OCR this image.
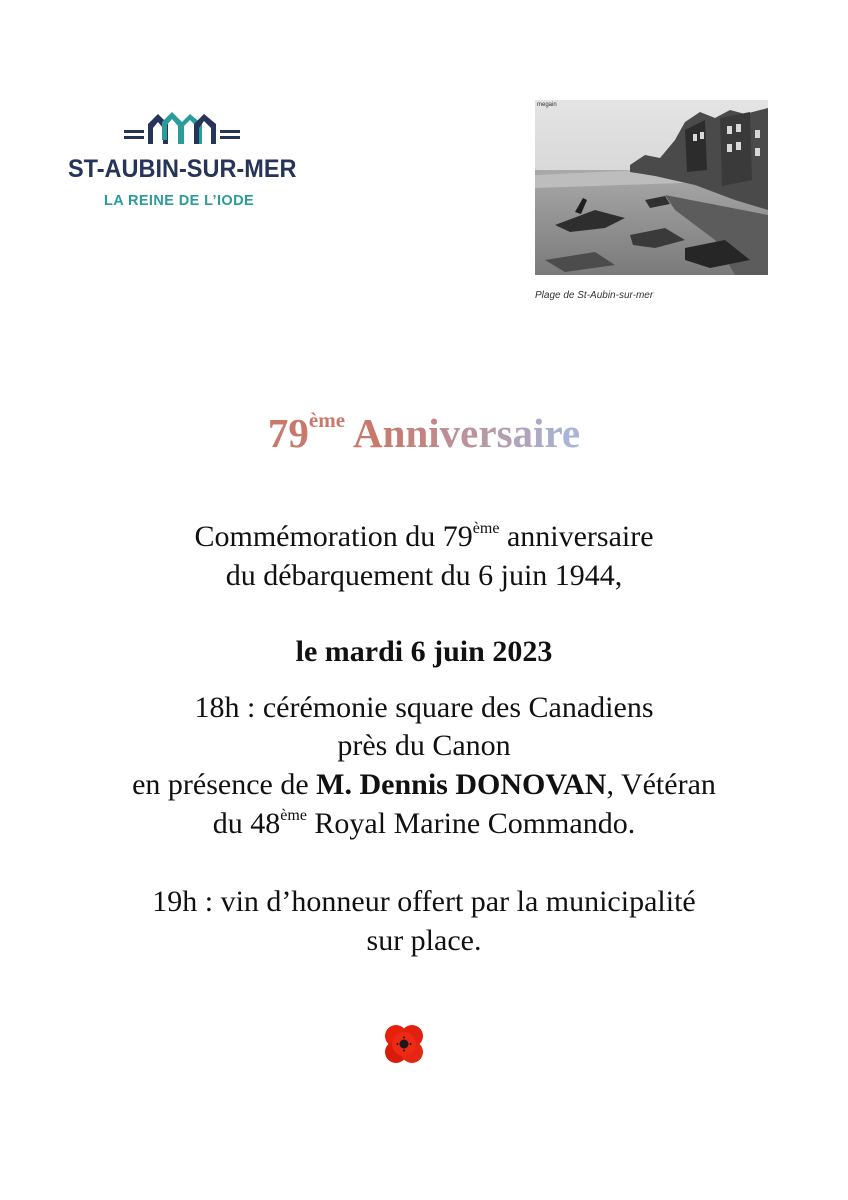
ST-AUBIN-SUR-MER
LA REINE DE L’IODE
megain
Plage de St-Aubin-sur-mer
79ème Anniversaire
Commémoration du 79ème anniversaire
du débarquement du 6 juin 1944,
le mardi 6 juin 2023
18h : cérémonie square des Canadiens
près du Canon
en présence de M. Dennis DONOVAN, Vétéran
du 48ème Royal Marine Commando.
19h : vin d’honneur offert par la municipalité
sur place.
